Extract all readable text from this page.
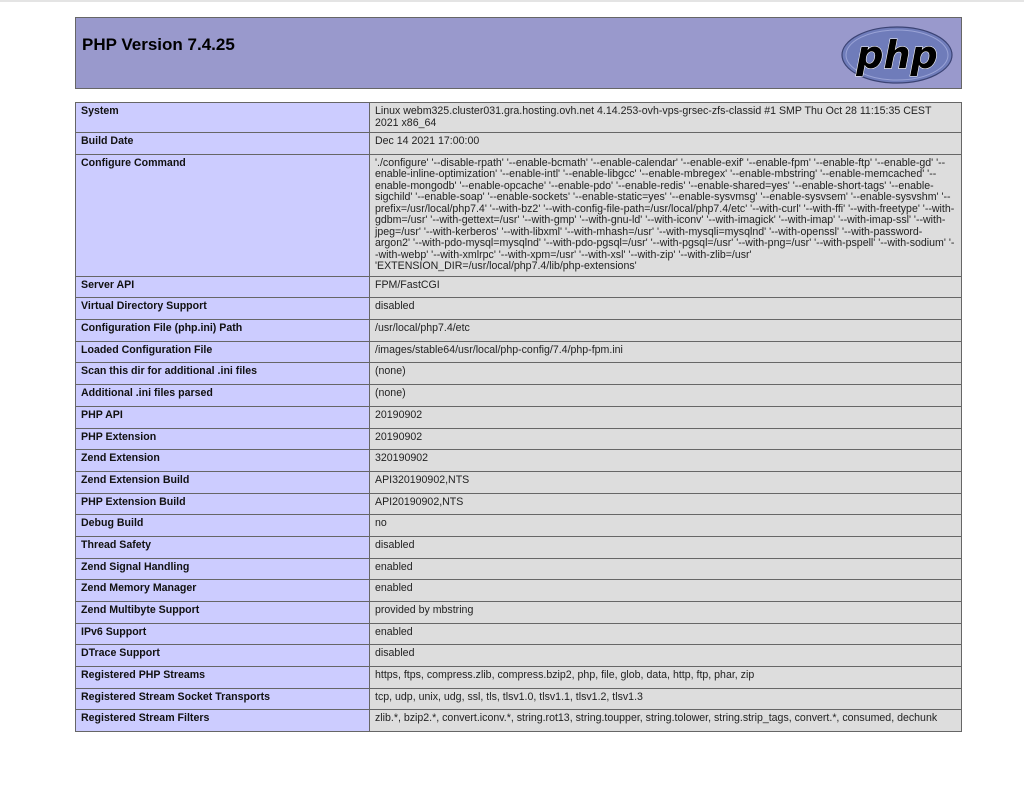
PHP Version 7.4.25	php
System	Linux webm325.cluster031.gra.hosting.ovh.net 4.14.253-ovh-vps-grsec-zfs-classid #1 SMP Thu Oct 28 11:15:35 CEST 2021 x86_64
Build Date	Dec 14 2021 17:00:00
Configure Command	'./configure' '--disable-rpath' '--enable-bcmath' '--enable-calendar' '--enable-exif' '--enable-fpm' '--enable-ftp' '--enable-gd' '--enable-inline-optimization' '--enable-intl' '--enable-libgcc' '--enable-mbregex' '--enable-mbstring' '--enable-memcached' '--enable-mongodb' '--enable-opcache' '--enable-pdo' '--enable-redis' '--enable-shared=yes' '--enable-short-tags' '--enable-sigchild' '--enable-soap' '--enable-sockets' '--enable-static=yes' '--enable-sysvmsg' '--enable-sysvsem' '--enable-sysvshm' '--prefix=/usr/local/php7.4' '--with-bz2' '--with-config-file-path=/usr/local/php7.4/etc' '--with-curl' '--with-ffi' '--with-freetype' '--with-gdbm=/usr' '--with-gettext=/usr' '--with-gmp' '--with-gnu-ld' '--with-iconv' '--with-imagick' '--with-imap' '--with-imap-ssl' '--with-jpeg=/usr' '--with-kerberos' '--with-libxml' '--with-mhash=/usr' '--with-mysqli=mysqlnd' '--with-openssl' '--with-password-argon2' '--with-pdo-mysql=mysqlnd' '--with-pdo-pgsql=/usr' '--with-pgsql=/usr' '--with-png=/usr' '--with-pspell' '--with-sodium' '--with-webp' '--with-xmlrpc' '--with-xpm=/usr' '--with-xsl' '--with-zip' '--with-zlib=/usr' 'EXTENSION_DIR=/usr/local/php7.4/lib/php-extensions'
Server API	FPM/FastCGI
Virtual Directory Support	disabled
Configuration File (php.ini) Path	/usr/local/php7.4/etc
Loaded Configuration File	/images/stable64/usr/local/php-config/7.4/php-fpm.ini
Scan this dir for additional .ini files	(none)
Additional .ini files parsed	(none)
PHP API	20190902
PHP Extension	20190902
Zend Extension	320190902
Zend Extension Build	API320190902,NTS
PHP Extension Build	API20190902,NTS
Debug Build	no
Thread Safety	disabled
Zend Signal Handling	enabled
Zend Memory Manager	enabled
Zend Multibyte Support	provided by mbstring
IPv6 Support	enabled
DTrace Support	disabled
Registered PHP Streams	https, ftps, compress.zlib, compress.bzip2, php, file, glob, data, http, ftp, phar, zip
Registered Stream Socket Transports	tcp, udp, unix, udg, ssl, tls, tlsv1.0, tlsv1.1, tlsv1.2, tlsv1.3
Registered Stream Filters	zlib.*, bzip2.*, convert.iconv.*, string.rot13, string.toupper, string.tolower, string.strip_tags, convert.*, consumed, dechunk
